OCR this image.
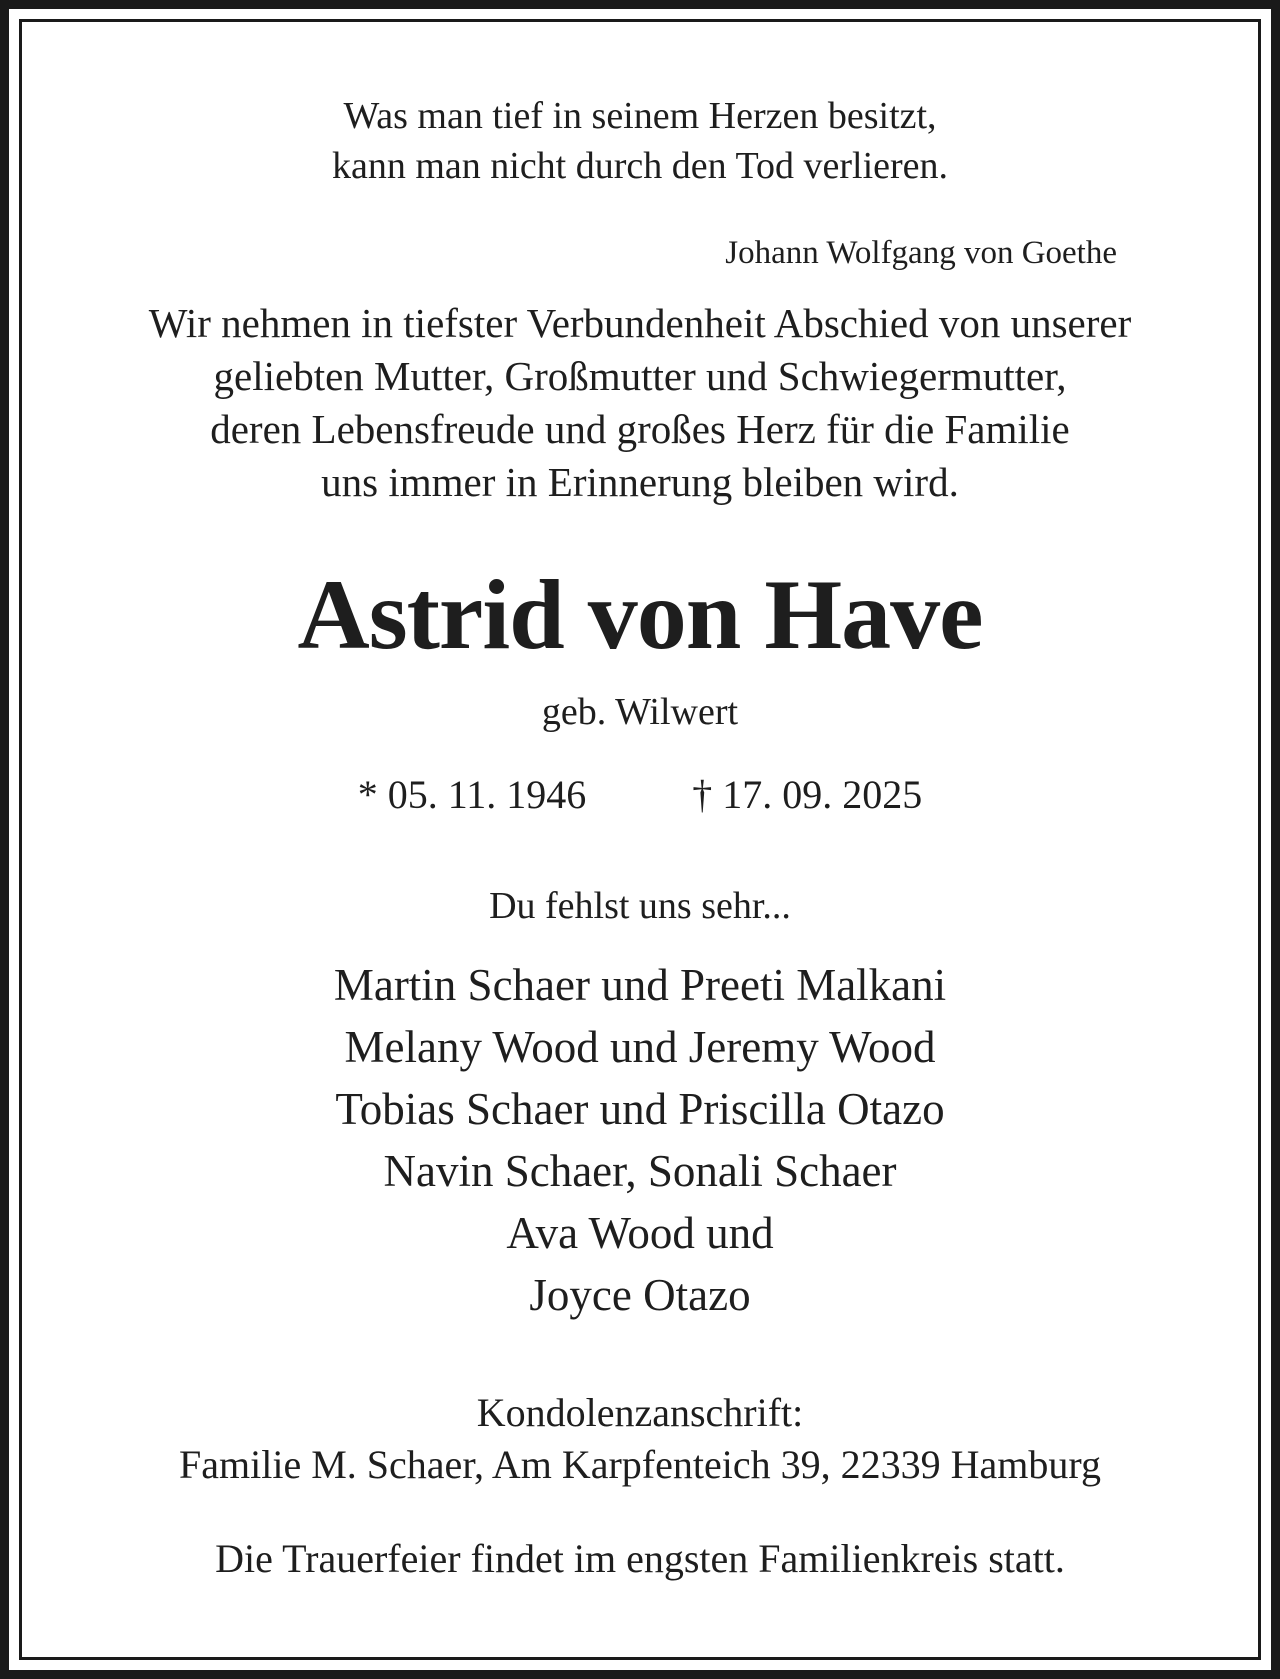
Was man tief in seinem Herzen besitzt,

kann man nicht durch den Tod verlieren.

Johann Wolfgang von Goethe

Wir nehmen in tiefster Verbundenheit Abschied von unserer

geliebten Mutter, Großmutter und Schwiegermutter,

deren Lebensfreude und großes Herz für die Familie

uns immer in Erinnerung bleiben wird.

Astrid von Have

geb. Wilwert

* 05. 11. 1946	† 17. 09. 2025

Du fehlst uns sehr...

Martin Schaer und Preeti Malkani

Melany Wood und Jeremy Wood

Tobias Schaer und Priscilla Otazo

Navin Schaer, Sonali Schaer

Ava Wood und

Joyce Otazo

Kondolenzanschrift:

Familie M. Schaer, Am Karpfenteich 39, 22339 Hamburg

Die Trauerfeier findet im engsten Familienkreis statt.
